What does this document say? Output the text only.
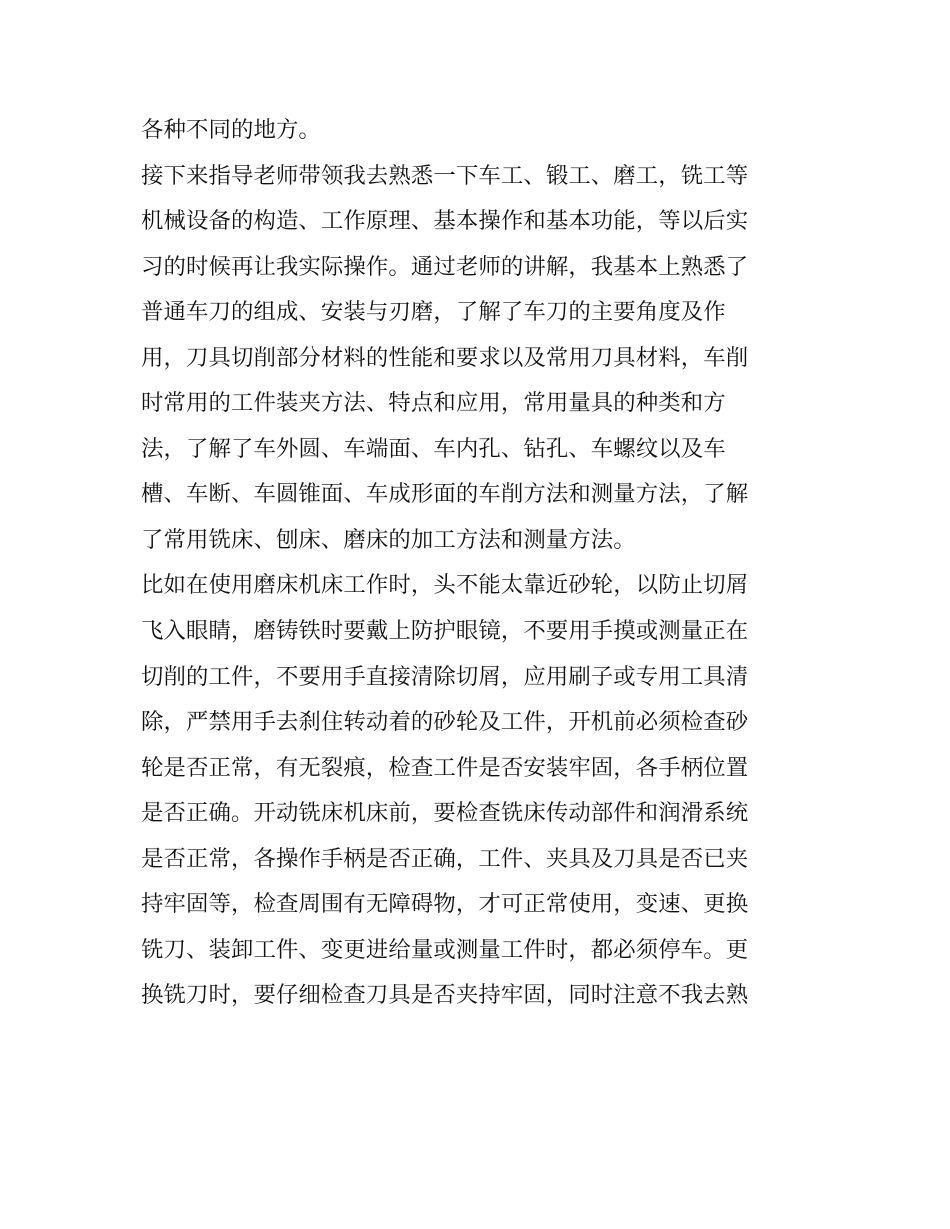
各种不同的地方。
接下来指导老师带领我去熟悉一下车工、锻工、磨工，铣工等
机械设备的构造、工作原理、基本操作和基本功能，等以后实
习的时候再让我实际操作。通过老师的讲解，我基本上熟悉了
普通车刀的组成、安装与刃磨，了解了车刀的主要角度及作
用，刀具切削部分材料的性能和要求以及常用刀具材料，车削
时常用的工件装夹方法、特点和应用，常用量具的种类和方
法，了解了车外圆、车端面、车内孔、钻孔、车螺纹以及车
槽、车断、车圆锥面、车成形面的车削方法和测量方法，了解
了常用铣床、刨床、磨床的加工方法和测量方法。
比如在使用磨床机床工作时，头不能太靠近砂轮，以防止切屑
飞入眼睛，磨铸铁时要戴上防护眼镜，不要用手摸或测量正在
切削的工件，不要用手直接清除切屑，应用刷子或专用工具清
除，严禁用手去刹住转动着的砂轮及工件，开机前必须检查砂
轮是否正常，有无裂痕，检查工件是否安装牢固，各手柄位置
是否正确。开动铣床机床前，要检查铣床传动部件和润滑系统
是否正常，各操作手柄是否正确，工件、夹具及刀具是否已夹
持牢固等，检查周围有无障碍物，才可正常使用，变速、更换
铣刀、装卸工件、变更进给量或测量工件时，都必须停车。更
换铣刀时，要仔细检查刀具是否夹持牢固，同时注意不我去熟
